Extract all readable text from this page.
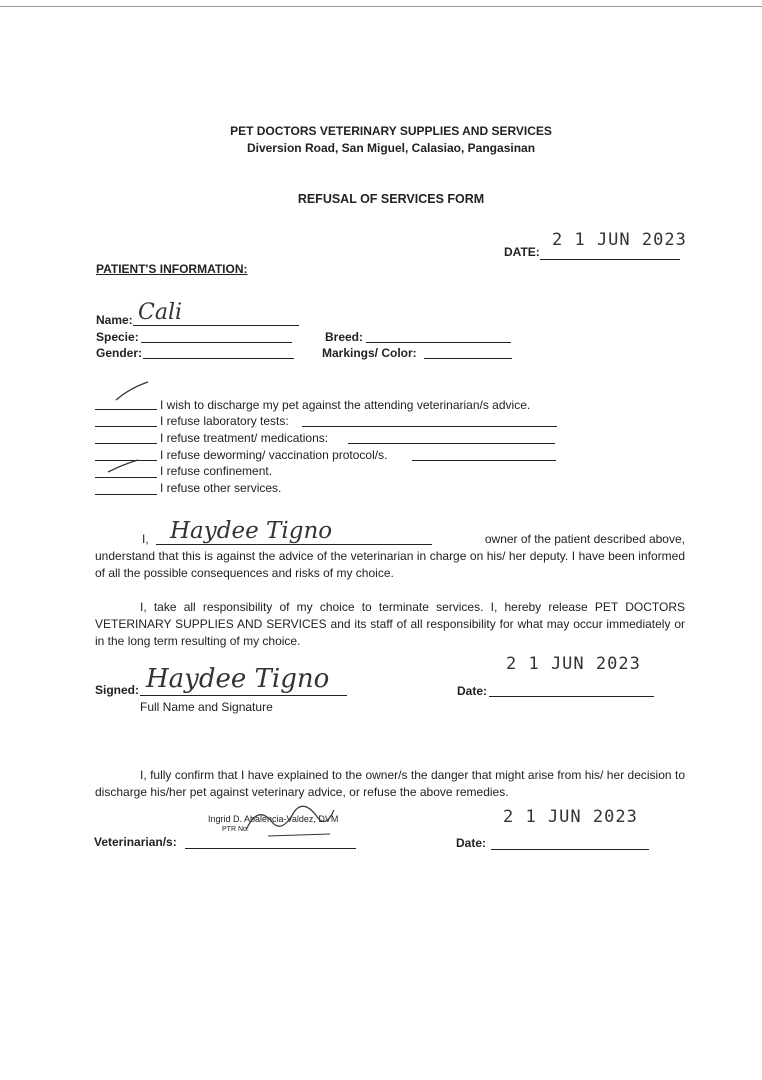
PET DOCTORS VETERINARY SUPPLIES AND SERVICES
Diversion Road, San Miguel, Calasiao, Pangasinan
REFUSAL OF SERVICES FORM
DATE:
2 1 JUN 2023
PATIENT'S INFORMATION:
Name: Cali
Specie:	Breed:
Gender:	Markings/ Color:
I wish to discharge my pet against the attending veterinarian/s advice.
I refuse laboratory tests:
I refuse treatment/ medications:
I refuse deworming/ vaccination protocol/s.
I refuse confinement.
I refuse other services.
I, Haydee Tigno	owner of the patient described above,
understand that this is against the advice of the veterinarian in charge on his/ her deputy. I have been informed of all the possible consequences and risks of my choice.
I, take all responsibility of my choice to terminate services. I, hereby release PET DOCTORS VETERINARY SUPPLIES AND SERVICES and its staff of all responsibility for what may occur immediately or in the long term resulting of my choice.
Signed: Haydee Tigno
Full Name and Signature
Date:
2 1 JUN 2023
I, fully confirm that I have explained to the owner/s the danger that might arise from his/ her decision to discharge his/her pet against veterinary advice, or refuse the above remedies.
Veterinarian/s:
Ingrid D. Abalencia-Valdez, DVM
PTR No.
Date:
2 1 JUN 2023
